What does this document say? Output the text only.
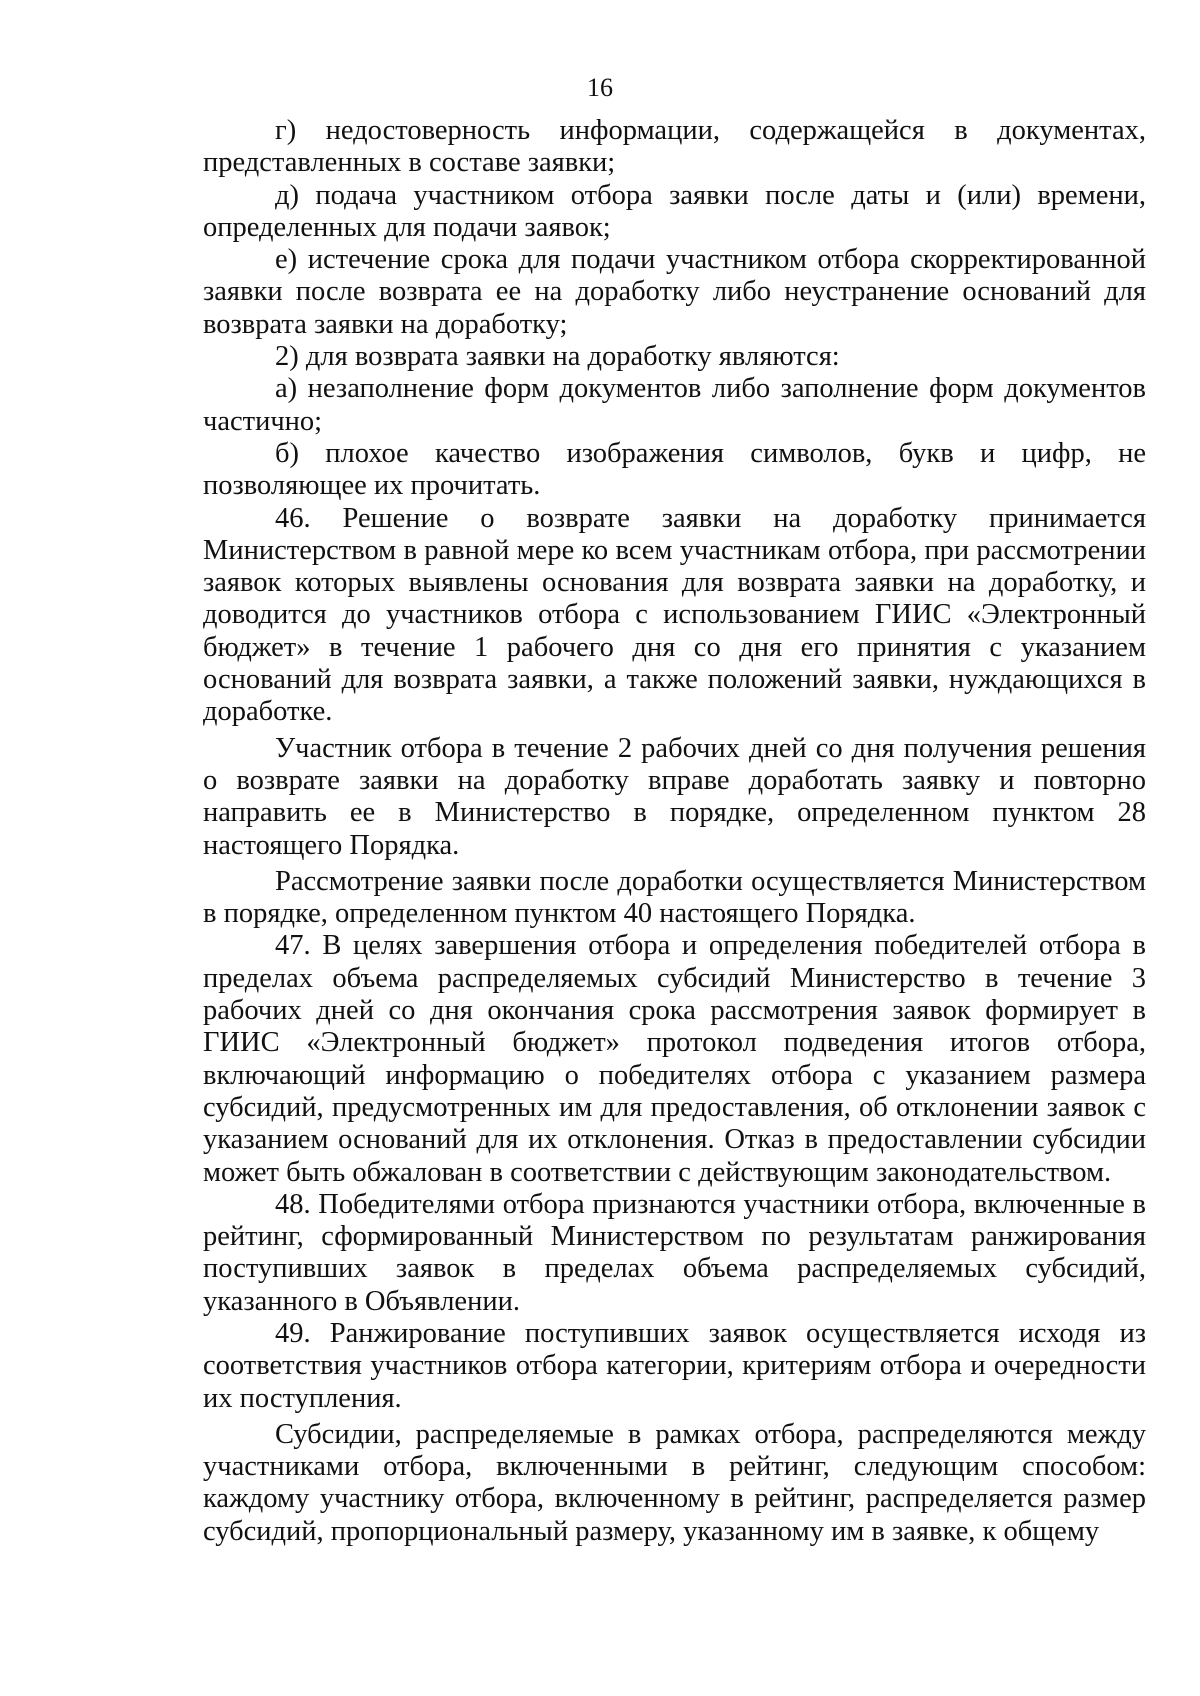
16

г) недостоверность информации, содержащейся в документах, представленных в составе заявки;

д) подача участником отбора заявки после даты и (или) времени, определенных для подачи заявок;

е) истечение срока для подачи участником отбора скорректированной заявки после возврата ее на доработку либо неустранение оснований для возврата заявки на доработку;

2) для возврата заявки на доработку являются:

а) незаполнение форм документов либо заполнение форм документов частично;

б) плохое качество изображения символов, букв и цифр, не позволяющее их прочитать.

46. Решение о возврате заявки на доработку принимается Министерством в равной мере ко всем участникам отбора, при рассмотрении заявок которых выявлены основания для возврата заявки на доработку, и доводится до участников отбора с использованием ГИИС «Электронный бюджет» в течение 1 рабочего дня со дня его принятия с указанием оснований для возврата заявки, а также положений заявки, нуждающихся в доработке.

Участник отбора в течение 2 рабочих дней со дня получения решения о возврате заявки на доработку вправе доработать заявку и повторно направить ее в Министерство в порядке, определенном пунктом 28 настоящего Порядка.

Рассмотрение заявки после доработки осуществляется Министерством в порядке, определенном пунктом 40 настоящего Порядка.

47. В целях завершения отбора и определения победителей отбора в пределах объема распределяемых субсидий Министерство в течение 3 рабочих дней со дня окончания срока рассмотрения заявок формирует в ГИИС «Электронный бюджет» протокол подведения итогов отбора, включающий информацию о победителях отбора с указанием размера субсидий, предусмотренных им для предоставления, об отклонении заявок с указанием оснований для их отклонения. Отказ в предоставлении субсидии может быть обжалован в соответствии с действующим законодательством.

48. Победителями отбора признаются участники отбора, включенные в рейтинг, сформированный Министерством по результатам ранжирования поступивших заявок в пределах объема распределяемых субсидий, указанного в Объявлении.

49. Ранжирование поступивших заявок осуществляется исходя из соответствия участников отбора категории, критериям отбора и очередности их поступления.

Субсидии, распределяемые в рамках отбора, распределяются между участниками отбора, включенными в рейтинг, следующим способом: каждому участнику отбора, включенному в рейтинг, распределяется размер субсидий, пропорциональный размеру, указанному им в заявке, к общему
